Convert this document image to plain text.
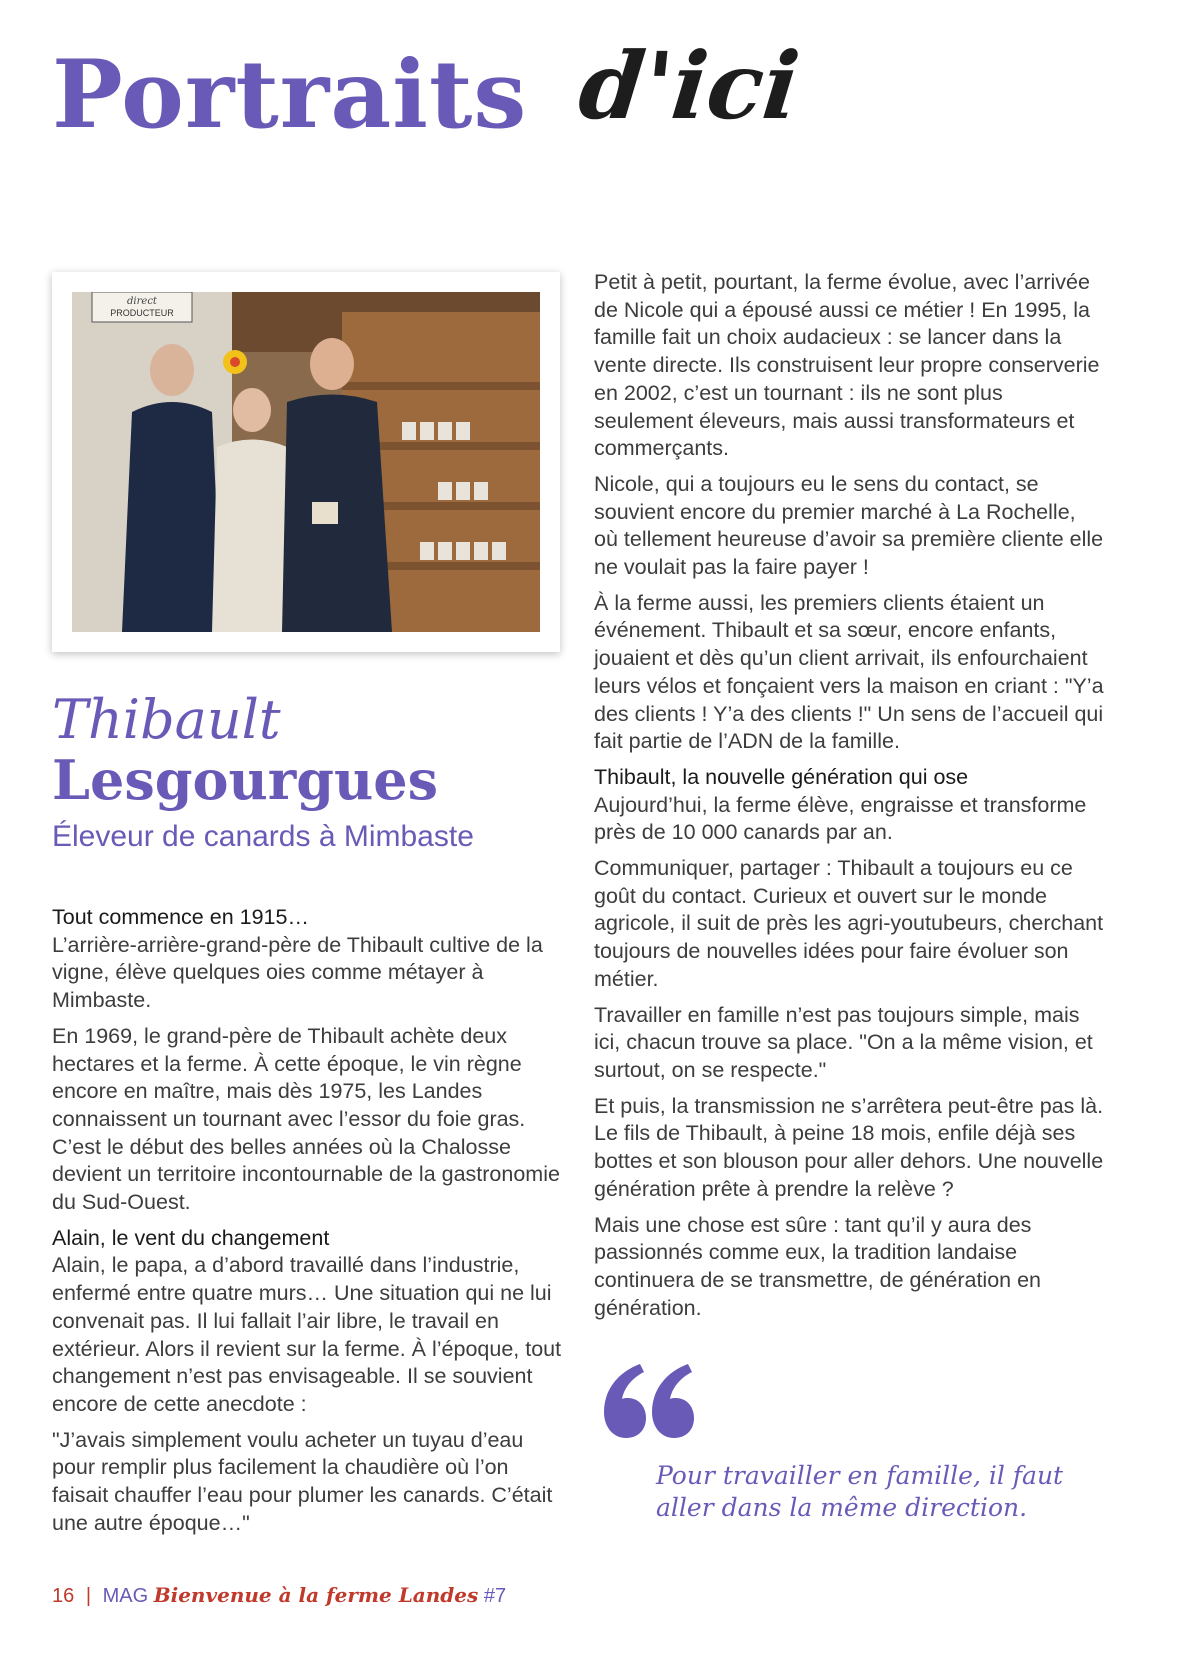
Portraits d'ici
direct
PRODUCTEUR
Thibault
Lesgourgues
Éleveur de canards à Mimbaste
Tout commence en 1915…

L’arrière-arrière-grand-père de Thibault cultive de la vigne, élève quelques oies comme métayer à Mimbaste.

En 1969, le grand-père de Thibault achète deux hectares et la ferme. À cette époque, le vin règne encore en maître, mais dès 1975, les Landes connaissent un tournant avec l’essor du foie gras. C’est le début des belles années où la Chalosse devient un territoire incontournable de la gastronomie du Sud-Ouest.

Alain, le vent du changement

Alain, le papa, a d’abord travaillé dans l’industrie, enfermé entre quatre murs… Une situation qui ne lui convenait pas. Il lui fallait l’air libre, le travail en extérieur. Alors il revient sur la ferme. À l’époque, tout changement n’est pas envisageable. Il se souvient encore de cette anecdote :

"J’avais simplement voulu acheter un tuyau d’eau pour remplir plus facilement la chaudière où l’on faisait chauffer l’eau pour plumer les canards. C’était une autre époque…"

Petit à petit, pourtant, la ferme évolue, avec l’arrivée de Nicole qui a épousé aussi ce métier ! En 1995, la famille fait un choix audacieux : se lancer dans la vente directe. Ils construisent leur propre conserverie en 2002, c’est un tournant : ils ne sont plus seulement éleveurs, mais aussi transformateurs et commerçants.

Nicole, qui a toujours eu le sens du contact, se souvient encore du premier marché à La Rochelle, où tellement heureuse d’avoir sa première cliente elle ne voulait pas la faire payer !

À la ferme aussi, les premiers clients étaient un événement. Thibault et sa sœur, encore enfants, jouaient et dès qu’un client arrivait, ils enfourchaient leurs vélos et fonçaient vers la maison en criant : "Y’a des clients ! Y’a des clients !" Un sens de l’accueil qui fait partie de l’ADN de la famille.

Thibault, la nouvelle génération qui ose

Aujourd’hui, la ferme élève, engraisse et transforme près de 10 000 canards par an.

Communiquer, partager : Thibault a toujours eu ce goût du contact. Curieux et ouvert sur le monde agricole, il suit de près les agri-youtubeurs, cherchant toujours de nouvelles idées pour faire évoluer son métier.

Travailler en famille n’est pas toujours simple, mais ici, chacun trouve sa place. "On a la même vision, et surtout, on se respecte."

Et puis, la transmission ne s’arrêtera peut-être pas là. Le fils de Thibault, à peine 18 mois, enfile déjà ses bottes et son blouson pour aller dehors. Une nouvelle génération prête à prendre la relève ?

Mais une chose est sûre : tant qu’il y aura des passionnés comme eux, la tradition landaise continuera de se transmettre, de génération en génération.

Pour travailler en famille, il faut aller dans la même direction.
16 | MAG Bienvenue à la ferme Landes #7
